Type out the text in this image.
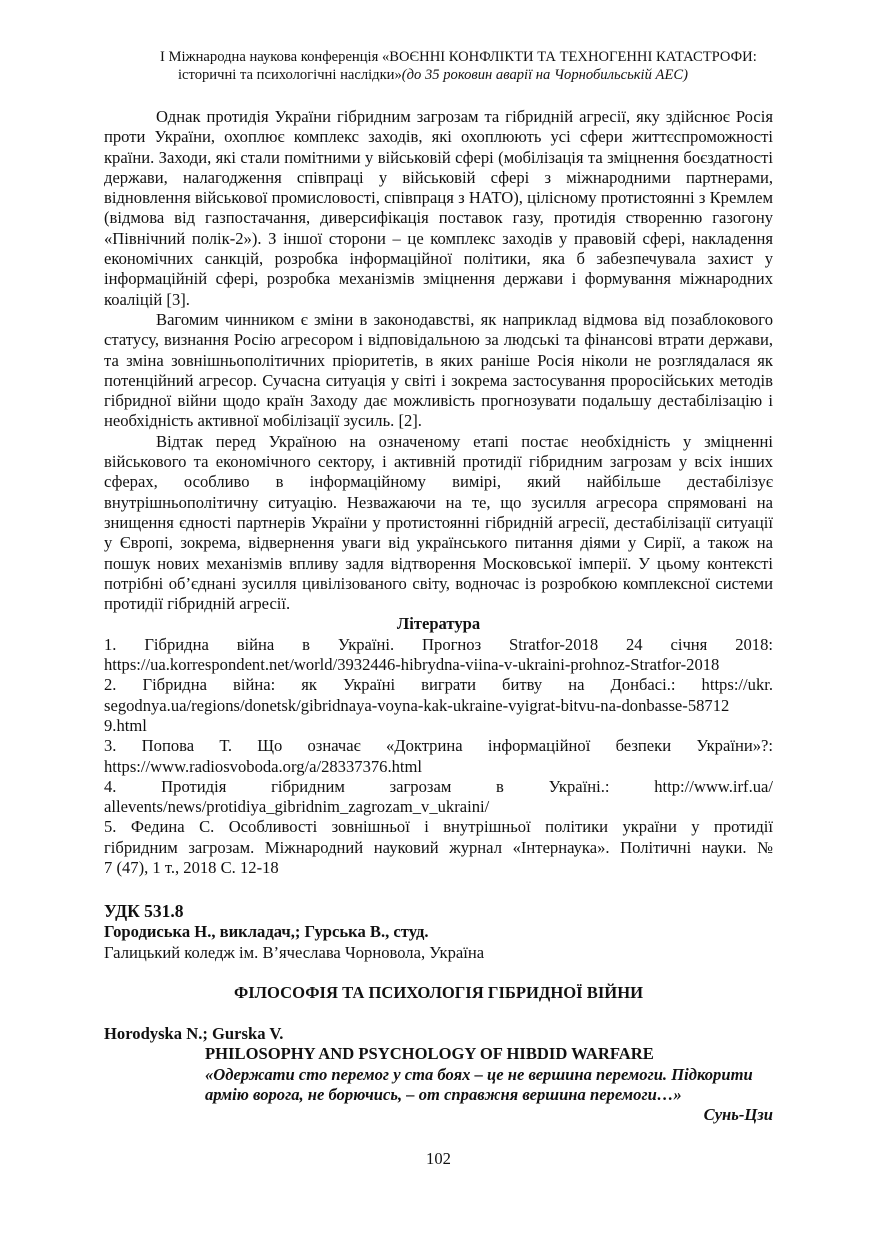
І Міжнародна наукова конференція «ВОЄННІ КОНФЛІКТИ ТА ТЕХНОГЕННІ КАТАСТРОФИ:
історичні та психологічні наслідки»(до 35 роковин аварії на Чорнобильській АЕС)

Однак протидія України гібридним загрозам та гібридній агресії, яку здійснює Росія проти України, охоплює комплекс заходів, які охоплюють усі сфери життєспроможності країни. Заходи, які стали помітними у військовій сфері (мобілізація та зміцнення боєздатності держави, налагодження співпраці у військовій сфері з міжнародними партнерами, відновлення військової промисловості, співпраця з НАТО), цілісному протистоянні з Кремлем (відмова від газпостачання, диверсифікація поставок газу, протидія створенню газогону «Північний полік-2»). З іншої сторони – це комплекс заходів у правовій сфері, накладення економічних санкцій, розробка інформаційної політики, яка б забезпечувала захист у інформаційній сфері, розробка механізмів зміцнення держави і формування міжнародних коаліцій [3].

Вагомим чинником є зміни в законодавстві, як наприклад відмова від позаблокового статусу, визнання Росію агресором і відповідальною за людські та фінансові втрати держави, та зміна зовнішньополітичних пріоритетів, в яких раніше Росія ніколи не розглядалася як потенційний агресор. Сучасна ситуація у світі і зокрема застосування проросійських методів гібридної війни щодо країн Заходу дає можливість прогнозувати подальшу дестабілізацію і необхідність активної мобілізації зусиль. [2].

Відтак перед Україною на означеному етапі постає необхідність у зміцненні військового та економічного сектору, і активній протидії гібридним загрозам у всіх інших сферах, особливо в інформаційному вимірі, який найбільше дестабілізує внутрішньополітичну ситуацію. Незважаючи на те, що зусилля агресора спрямовані на знищення єдності партнерів України у протистоянні гібридній агресії, дестабілізації ситуації у Європі, зокрема, відвернення уваги від українського питання діями у Сирії, а також на пошук нових механізмів впливу задля відтворення Московської імперії. У цьому контексті потрібні об’єднані зусилля цивілізованого світу, водночас із розробкою комплексної системи протидії гібридній агресії.

Література

1. Гібридна війна в Україні. Прогноз Stratfor-2018 24 січня 2018:

https://ua.korrespondent.net/world/3932446-hibrydna-viina-v-ukraini-prohnoz-Stratfor-2018

2. Гібридна війна: як Україні виграти битву на Донбасі.: https://ukr.

segodnya.ua/regions/donetsk/gibridnaya-voyna-kak-ukraine-vyigrat-bitvu-na-donbasse-58712

9.html

3. Попова Т. Що означає «Доктрина інформаційної безпеки України»?:

https://www.radiosvoboda.org/a/28337376.html

4. Протидія гібридним загрозам в Україні.: http://www.irf.ua/

allevents/news/protidiya_gibridnim_zagrozam_v_ukraini/

5. Федина С. Особливості зовнішньої і внутрішньої політики україни у протидії

гібридним загрозам. Міжнародний науковий журнал «Інтернаука». Політичні науки. №

7 (47), 1 т., 2018 С. 12-18

УДК 531.8
Городиська Н., викладач,; Гурська В., студ.
Галицький коледж ім. В’ячеслава Чорновола, Україна
ФІЛОСОФІЯ ТА ПСИХОЛОГІЯ ГІБРИДНОЇ ВІЙНИ
Horodyska N.; Gurska V.
PHILOSOPHY AND PSYCHOLOGY OF HIBDID WARFARE
«Одержати сто перемог у ста боях – це не вершина перемоги. Підкорити
армію ворога, не борючись, – от справжня вершина перемоги…»
Сунь-Цзи
102
